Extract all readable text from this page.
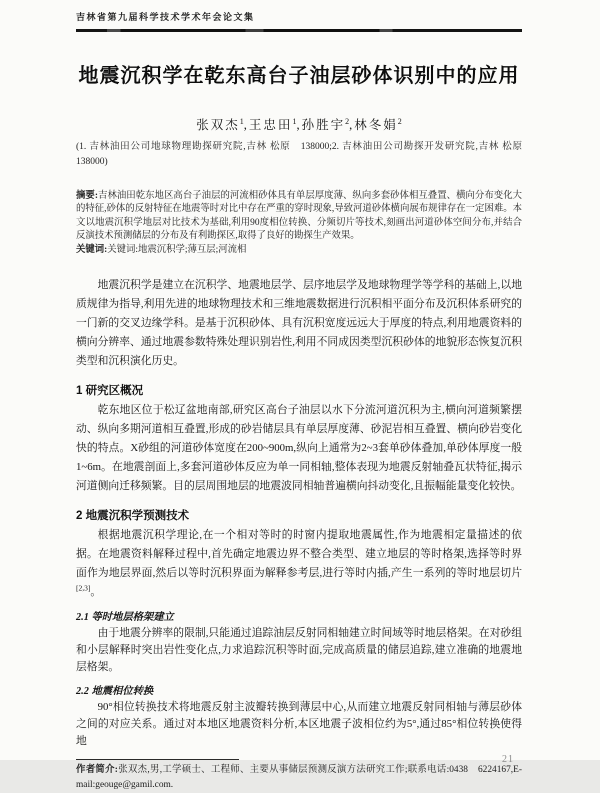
吉林省第九届科学技术学术年会论文集
地震沉积学在乾东高台子油层砂体识别中的应用
张双杰$^1$,王忠田$^1$,孙胜宇$^2$,林冬娟$^2$
(1. 吉林油田公司地球物理勘探研究院,吉林 松原　138000;2. 吉林油田公司勘探开发研究院,吉林 松原 138000)

摘要:吉林油田乾东地区高台子油层的河流相砂体具有单层厚度薄、纵向多套砂体相互叠置、横向分布变化大的特征,砂体的反射特征在地震等时对比中存在严重的穿时现象,导致河道砂体横向展布规律存在一定困难。本文以地震沉积学地层对比技术为基础,利用90度相位转换、分频切片等技术,刻画出河道砂体空间分布,并结合反演技术预测储层的分布及有利勘探区,取得了良好的勘探生产效果。

关键词:关键词:地震沉积学;薄互层;河流相

地震沉积学是建立在沉积学、地震地层学、层序地层学及地球物理学等学科的基础上,以地质规律为指导,利用先进的地球物理技术和三维地震数据进行沉积相平面分布及沉积体系研究的一门新的交叉边缘学科。是基于沉积砂体、具有沉积宽度远远大于厚度的特点,利用地震资料的横向分辨率、通过地震参数特殊处理识别岩性,利用不同成因类型沉积砂体的地貌形态恢复沉积类型和沉积演化历史。

1 研究区概况

乾东地区位于松辽盆地南部,研究区高台子油层以水下分流河道沉积为主,横向河道频繁摆动、纵向多期河道相互叠置,形成的砂岩储层具有单层厚度薄、砂泥岩相互叠置、横向砂岩变化快的特点。X砂组的河道砂体宽度在200~900m,纵向上通常为2~3套单砂体叠加,单砂体厚度一般1~6m。在地震剖面上,多套河道砂体反应为单一同相轴,整体表现为地震反射轴叠瓦状特征,揭示河道侧向迁移频繁。目的层周围地层的地震波同相轴普遍横向抖动变化,且振幅能量变化较快。

2 地震沉积学预测技术

根据地震沉积学理论,在一个相对等时的时窗内提取地震属性,作为地震相定量描述的依据。在地震资料解释过程中,首先确定地震边界不整合类型、建立地层的等时格架,选择等时界面作为地层界面,然后以等时沉积界面为解释参考层,进行等时内插,产生一系列的等时地层切片[2,3]。

2.1 等时地层格架建立

由于地震分辨率的限制,只能通过追踪油层反射同相轴建立时间域等时地层格架。在对砂组和小层解释时突出岩性变化点,力求追踪沉积等时面,完成高质量的储层追踪,建立准确的地震地层格架。

2.2 地震相位转换

90°相位转换技术将地震反射主波瓣转换到薄层中心,从而建立地震反射同相轴与薄层砂体之间的对应关系。通过对本地区地震资料分析,本区地震子波相位约为5°,通过85°相位转换使得地

作者简介:张双杰,男,工学硕士、工程师、主要从事储层预测反演方法研究工作;联系电话:0438　6224167,E-mail:geouge@gamil.com.

21
